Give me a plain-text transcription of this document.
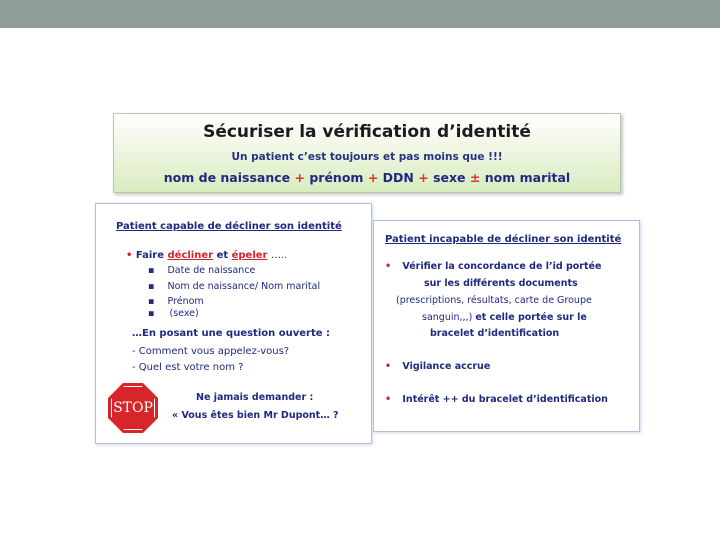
Sécuriser la vérification d’identité
Un patient c’est toujours et pas moins que !!!
nom de naissance + prénom + DDN + sexe ± nom marital
Patient capable de décliner son identité
• Faire décliner et épeler …..
▪ Date de naissance
▪ Nom de naissance/ Nom marital
▪ Prénom
▪ (sexe)
…En posant une question ouverte :
- Comment vous appelez-vous?
- Quel est votre nom ?
STOP
Ne jamais demander :
« Vous êtes bien Mr Dupont… ?
Patient incapable de décliner son identité
• Vérifier la concordance de l’id portée
sur les différents documents
(prescriptions, résultats, carte de Groupe
sanguin,,,) et celle portée sur le
bracelet d’identification
• Vigilance accrue
• Intérêt ++ du bracelet d’identification
